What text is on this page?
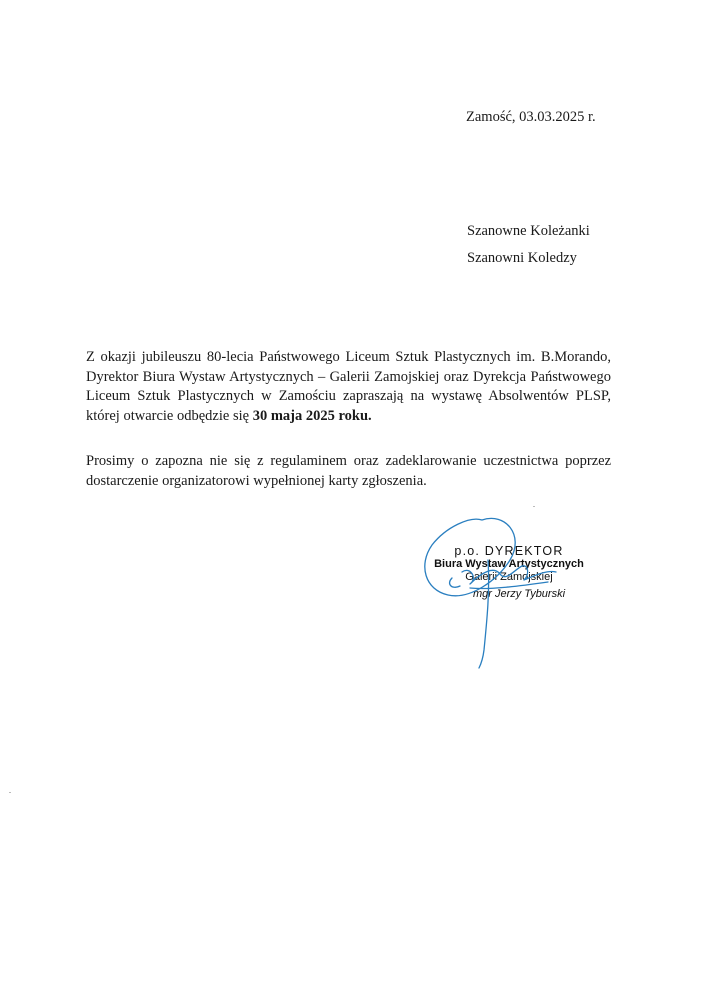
Zamość, 03.03.2025 r.
Szanowne Koleżanki
Szanowni Koledzy
Z okazji jubileuszu 80-lecia Państwowego Liceum Sztuk Plastycznych im. B.Morando, Dyrektor Biura Wystaw Artystycznych – Galerii Zamojskiej oraz Dyrekcja Państwowego Liceum Sztuk Plastycznych w Zamościu zapraszają na wystawę Absolwentów PLSP, której otwarcie odbędzie się 30 maja 2025 roku.
Prosimy o zapozna nie się z regulaminem oraz zadeklarowanie uczestnictwa poprzez dostarczenie organizatorowi wypełnionej karty zgłoszenia.
p.o. DYREKTOR
Biura Wystaw Artystycznych
Galerii Zamojskiej
mgr Jerzy Tyburski
